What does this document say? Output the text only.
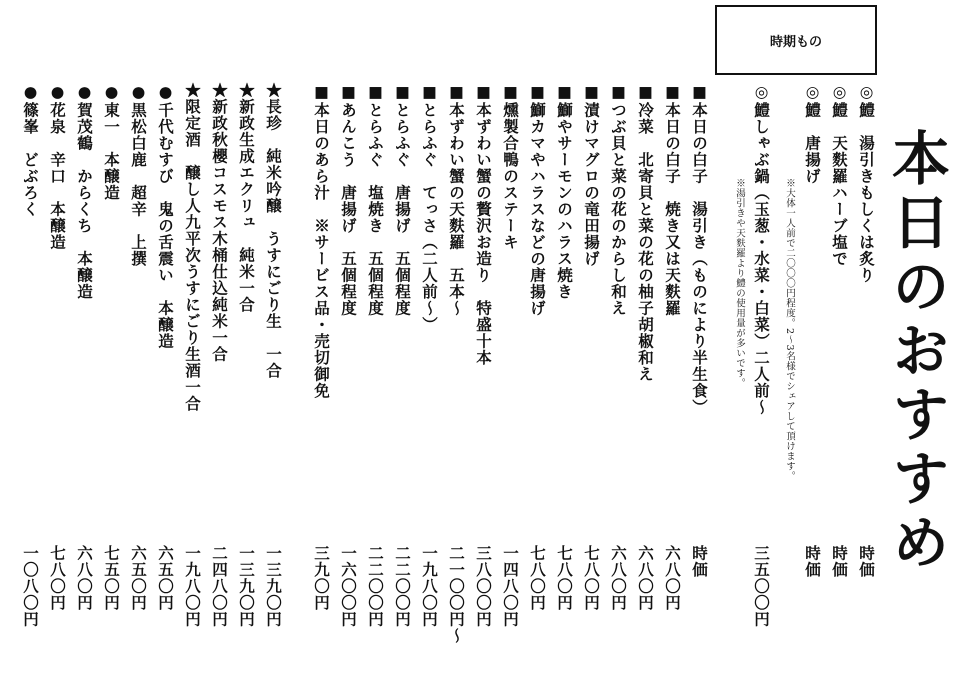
時期もの
本日のおすすめ
◎鱧　湯引きもしくは炙り
◎鱧　天麩羅ハーブ塩で
◎鱧　唐揚げ
※大体一人前で二〇〇〇円程度。2〜3名様でシェアして頂けます。
◎鱧しゃぶ鍋（玉葱・水菜・白菜）二人前〜
※湯引きや天麩羅より鱧の使用量が多いです。
時価
時価
時価
三五〇〇円
■本日の白子　湯引き（ものにより半生食）
■本日の白子　焼き又は天麩羅
■冷菜　北寄貝と菜の花の柚子胡椒和え
■つぶ貝と菜の花のからし和え
■漬けマグロの竜田揚げ
■鰤やサーモンのハラス焼き
■鰤カマやハラスなどの唐揚げ
■燻製合鴨のステーキ
■本ずわい蟹の贅沢お造り　特盛十本
■本ずわい蟹の天麩羅　五本〜
■とらふぐ　てっさ（二人前〜）
■とらふぐ　唐揚げ　五個程度
■とらふぐ　塩焼き　五個程度
■あんこう　唐揚げ　五個程度
■本日のあら汁　※サービス品・売切御免
時価
六八〇円
六八〇円
六八〇円
七八〇円
七八〇円
七八〇円
一四八〇円
三八〇〇円
二一〇〇円〜
一九八〇円
二二〇〇円
二二〇〇円
一六〇〇円
三九〇円
★長珍　純米吟醸　うすにごり生　一合
★新政生成エクリュ　純米一合
★新政秋櫻コスモス木桶仕込純米一合
★限定酒　醸し人九平次うすにごり生酒一合
●千代むすび　鬼の舌震い　本醸造
●黒松白鹿　超辛　上撰
●東一　本醸造
●賀茂鶴　からくち　本醸造
●花泉　辛口　本醸造
●篠峯　どぶろく
一三九〇円
一三九〇円
二四八〇円
一九八〇円
六五〇円
六五〇円
七五〇円
六八〇円
七八〇円
一〇八〇円
